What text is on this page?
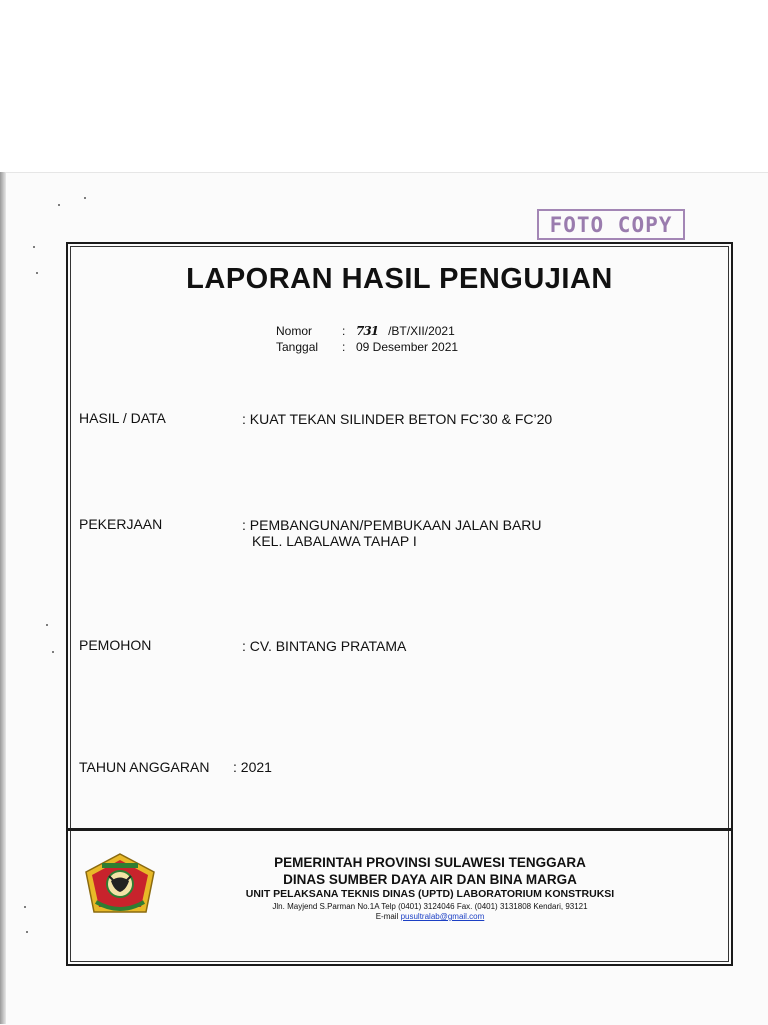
FOTO COPY
LAPORAN HASIL PENGUJIAN
Nomor : 731 /BT/XII/2021
Tanggal : 09 Desember 2021
HASIL / DATA	: KUAT TEKAN SILINDER BETON FC’30 & FC’20
PEKERJAAN	: PEMBANGUNAN/PEMBUKAAN JALAN BARU
KEL. LABALAWA TAHAP I
PEMOHON	: CV. BINTANG PRATAMA
TAHUN ANGGARAN : 2021
PEMERINTAH PROVINSI SULAWESI TENGGARA
DINAS SUMBER DAYA AIR DAN BINA MARGA
UNIT PELAKSANA TEKNIS DINAS (UPTD) LABORATORIUM KONSTRUKSI
Jln. Mayjend S.Parman No.1A Telp (0401) 3124046 Fax. (0401) 3131808 Kendari, 93121
E-mail pusultralab@gmail.com
